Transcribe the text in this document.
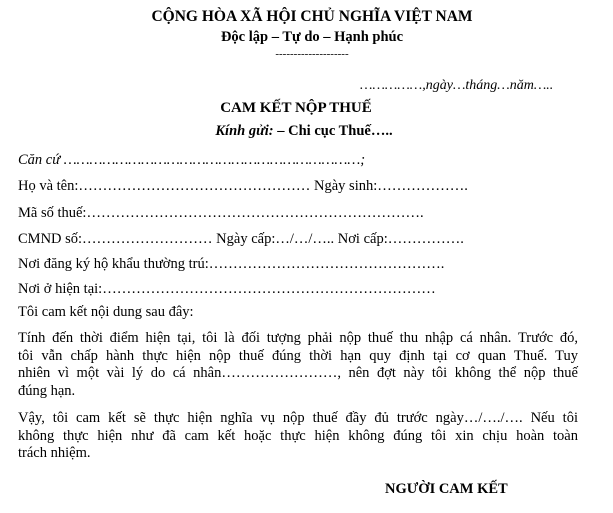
CỘNG HÒA XÃ HỘI CHỦ NGHĨA VIỆT NAM
Độc lập – Tự do – Hạnh phúc
--------------------
……………,ngày…tháng…năm…..
CAM KẾT NỘP THUẾ
Kính gửi: – Chi cục Thuế…..
Căn cứ ……………………………………………………………;
Họ và tên:………………………………………… Ngày sinh:……………….
Mã số thuế:…………………………………………………………….
CMND số:……………………… Ngày cấp:…/…/….. Nơi cấp:…………….
Nơi đăng ký hộ khẩu thường trú:………………………………………….
Nơi ở hiện tại:……………………………………………………………
Tôi cam kết nội dung sau đây:
Tính đến thời điểm hiện tại, tôi là đối tượng phải nộp thuế thu nhập cá nhân. Trước đó,
tôi vẫn chấp hành thực hiện nộp thuế đúng thời hạn quy định tại cơ quan Thuế. Tuy
nhiên vì một vài lý do cá nhân……………………, nên đợt này tôi không thể nộp thuế
đúng hạn.
Vậy, tôi cam kết sẽ thực hiện nghĩa vụ nộp thuế đầy đủ trước ngày…/…./…. Nếu tôi
không thực hiện như đã cam kết hoặc thực hiện không đúng tôi xin chịu hoàn toàn
trách nhiệm.
NGƯỜI CAM KẾT
